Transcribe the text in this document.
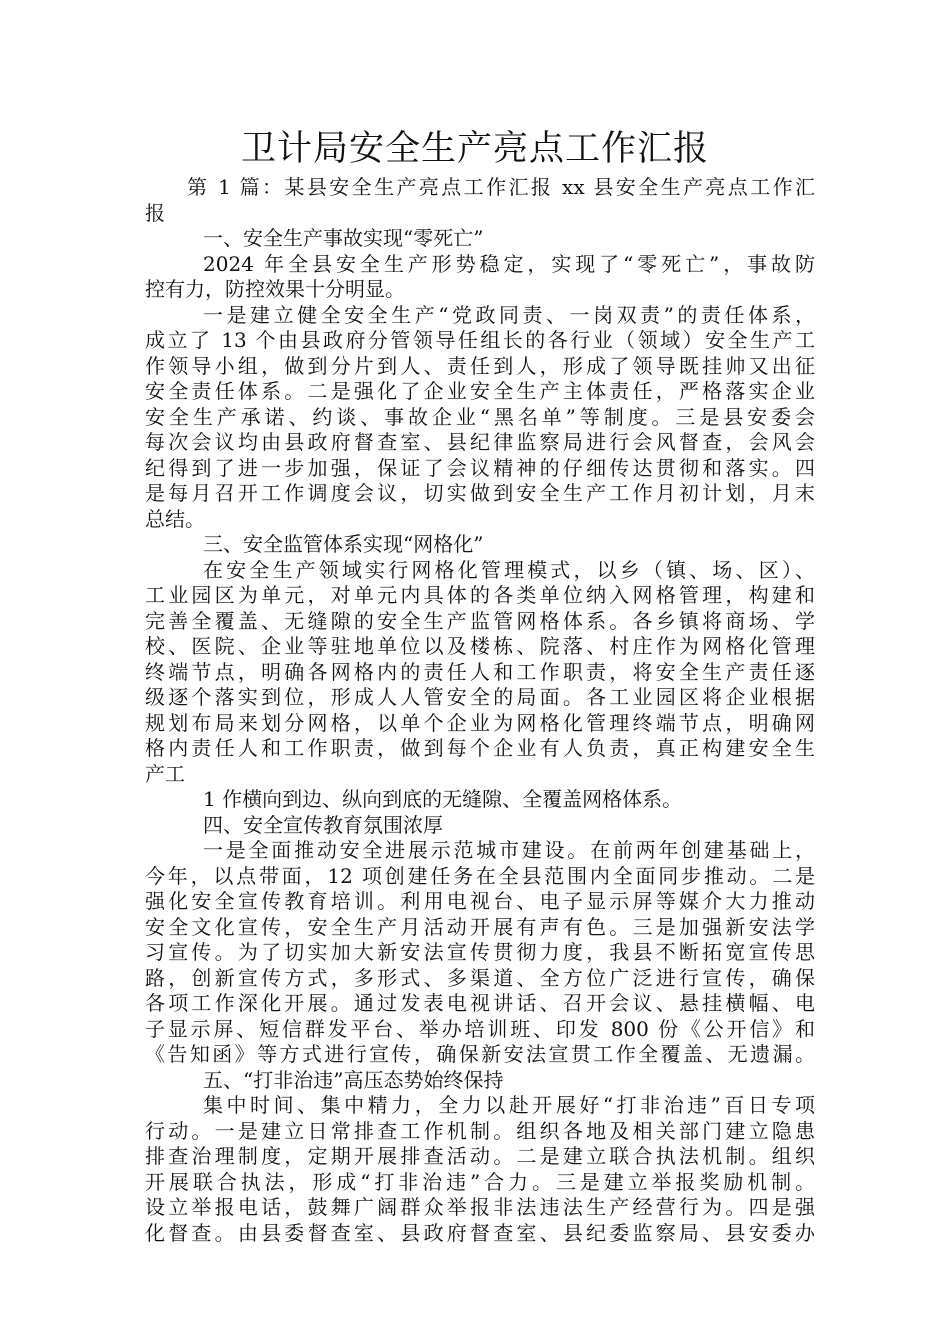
卫计局安全生产亮点工作汇报
第 1 篇：某县安全生产亮点工作汇报 xx 县安全生产亮点工作汇
报
一、安全生产事故实现“零死亡”
2024 年全县安全生产形势稳定，实现了“零死亡”，事故防
控有力，防控效果十分明显。
一是建立健全安全生产“党政同责、一岗双责”的责任体系，
成立了 13 个由县政府分管领导任组长的各行业（领域）安全生产工
作领导小组，做到分片到人、责任到人，形成了领导既挂帅又出征
安全责任体系。二是强化了企业安全生产主体责任，严格落实企业
安全生产承诺、约谈、事故企业“黑名单”等制度。三是县安委会
每次会议均由县政府督查室、县纪律监察局进行会风督查，会风会
纪得到了进一步加强，保证了会议精神的仔细传达贯彻和落实。四
是每月召开工作调度会议，切实做到安全生产工作月初计划，月末
总结。
三、安全监管体系实现“网格化”
在安全生产领域实行网格化管理模式，以乡（镇、场、区）、
工业园区为单元，对单元内具体的各类单位纳入网格管理，构建和
完善全覆盖、无缝隙的安全生产监管网格体系。各乡镇将商场、学
校、医院、企业等驻地单位以及楼栋、院落、村庄作为网格化管理
终端节点，明确各网格内的责任人和工作职责，将安全生产责任逐
级逐个落实到位，形成人人管安全的局面。各工业园区将企业根据
规划布局来划分网格，以单个企业为网格化管理终端节点，明确网
格内责任人和工作职责，做到每个企业有人负责，真正构建安全生
产工
1 作横向到边、纵向到底的无缝隙、全覆盖网格体系。
四、安全宣传教育氛围浓厚
一是全面推动安全进展示范城市建设。在前两年创建基础上，
今年，以点带面，12 项创建任务在全县范围内全面同步推动。二是
强化安全宣传教育培训。利用电视台、电子显示屏等媒介大力推动
安全文化宣传，安全生产月活动开展有声有色。三是加强新安法学
习宣传。为了切实加大新安法宣传贯彻力度，我县不断拓宽宣传思
路，创新宣传方式，多形式、多渠道、全方位广泛进行宣传，确保
各项工作深化开展。通过发表电视讲话、召开会议、悬挂横幅、电
子显示屏、短信群发平台、举办培训班、印发 800 份《公开信》和
《告知函》等方式进行宣传，确保新安法宣贯工作全覆盖、无遗漏。
五、“打非治违”高压态势始终保持
集中时间、集中精力，全力以赴开展好“打非治违”百日专项
行动。一是建立日常排查工作机制。组织各地及相关部门建立隐患
排查治理制度，定期开展排查活动。二是建立联合执法机制。组织
开展联合执法，形成“打非治违”合力。三是建立举报奖励机制。
设立举报电话，鼓舞广阔群众举报非法违法生产经营行为。四是强
化督查。由县委督查室、县政府督查室、县纪委监察局、县安委办
